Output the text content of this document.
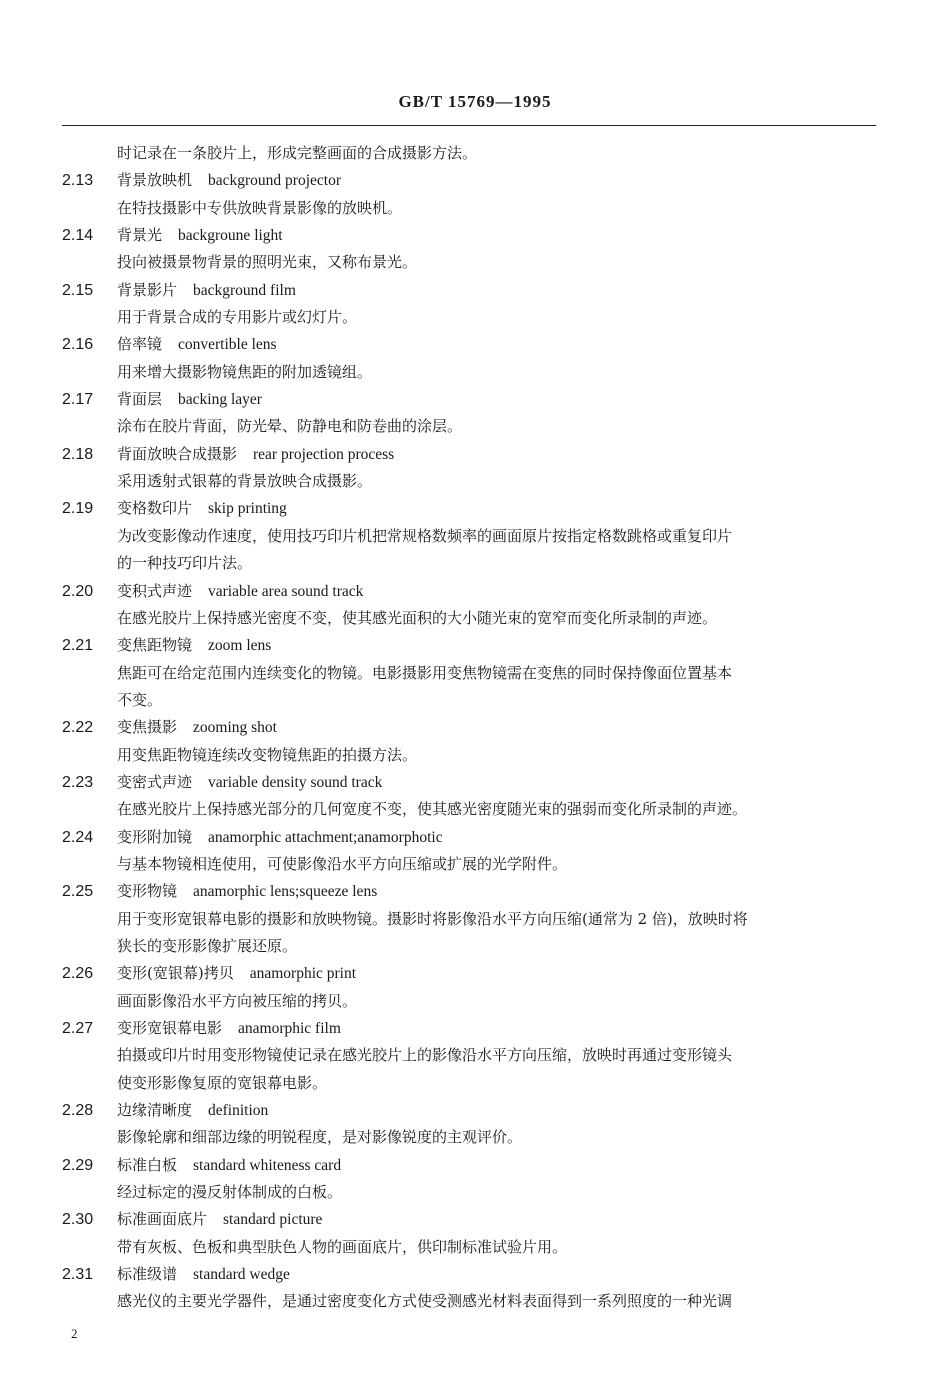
GB/T 15769—1995
时记录在一条胶片上，形成完整画面的合成摄影方法。
2.13	背景放映机 background projector
在特技摄影中专供放映背景影像的放映机。
2.14	背景光 backgroune light
投向被摄景物背景的照明光束，又称布景光。
2.15	背景影片 background film
用于背景合成的专用影片或幻灯片。
2.16	倍率镜 convertible lens
用来增大摄影物镜焦距的附加透镜组。
2.17	背面层 backing layer
涂布在胶片背面，防光晕、防静电和防卷曲的涂层。
2.18	背面放映合成摄影 rear projection process
采用透射式银幕的背景放映合成摄影。
2.19	变格数印片 skip printing
为改变影像动作速度，使用技巧印片机把常规格数频率的画面原片按指定格数跳格或重复印片
的一种技巧印片法。
2.20	变积式声迹 variable area sound track
在感光胶片上保持感光密度不变，使其感光面积的大小随光束的宽窄而变化所录制的声迹。
2.21	变焦距物镜 zoom lens
焦距可在给定范围内连续变化的物镜。电影摄影用变焦物镜需在变焦的同时保持像面位置基本
不变。
2.22	变焦摄影 zooming shot
用变焦距物镜连续改变物镜焦距的拍摄方法。
2.23	变密式声迹 variable density sound track
在感光胶片上保持感光部分的几何宽度不变，使其感光密度随光束的强弱而变化所录制的声迹。
2.24	变形附加镜 anamorphic attachment;anamorphotic
与基本物镜相连使用，可使影像沿水平方向压缩或扩展的光学附件。
2.25	变形物镜 anamorphic lens;squeeze lens
用于变形宽银幕电影的摄影和放映物镜。摄影时将影像沿水平方向压缩(通常为 2 倍)，放映时将
狭长的变形影像扩展还原。
2.26	变形(宽银幕)拷贝 anamorphic print
画面影像沿水平方向被压缩的拷贝。
2.27	变形宽银幕电影 anamorphic film
拍摄或印片时用变形物镜使记录在感光胶片上的影像沿水平方向压缩，放映时再通过变形镜头
使变形影像复原的宽银幕电影。
2.28	边缘清晰度 definition
影像轮廓和细部边缘的明锐程度，是对影像锐度的主观评价。
2.29	标准白板 standard whiteness card
经过标定的漫反射体制成的白板。
2.30	标准画面底片 standard picture
带有灰板、色板和典型肤色人物的画面底片，供印制标准试验片用。
2.31	标准级谱 standard wedge
感光仪的主要光学器件，是通过密度变化方式使受测感光材料表面得到一系列照度的一种光调
2
